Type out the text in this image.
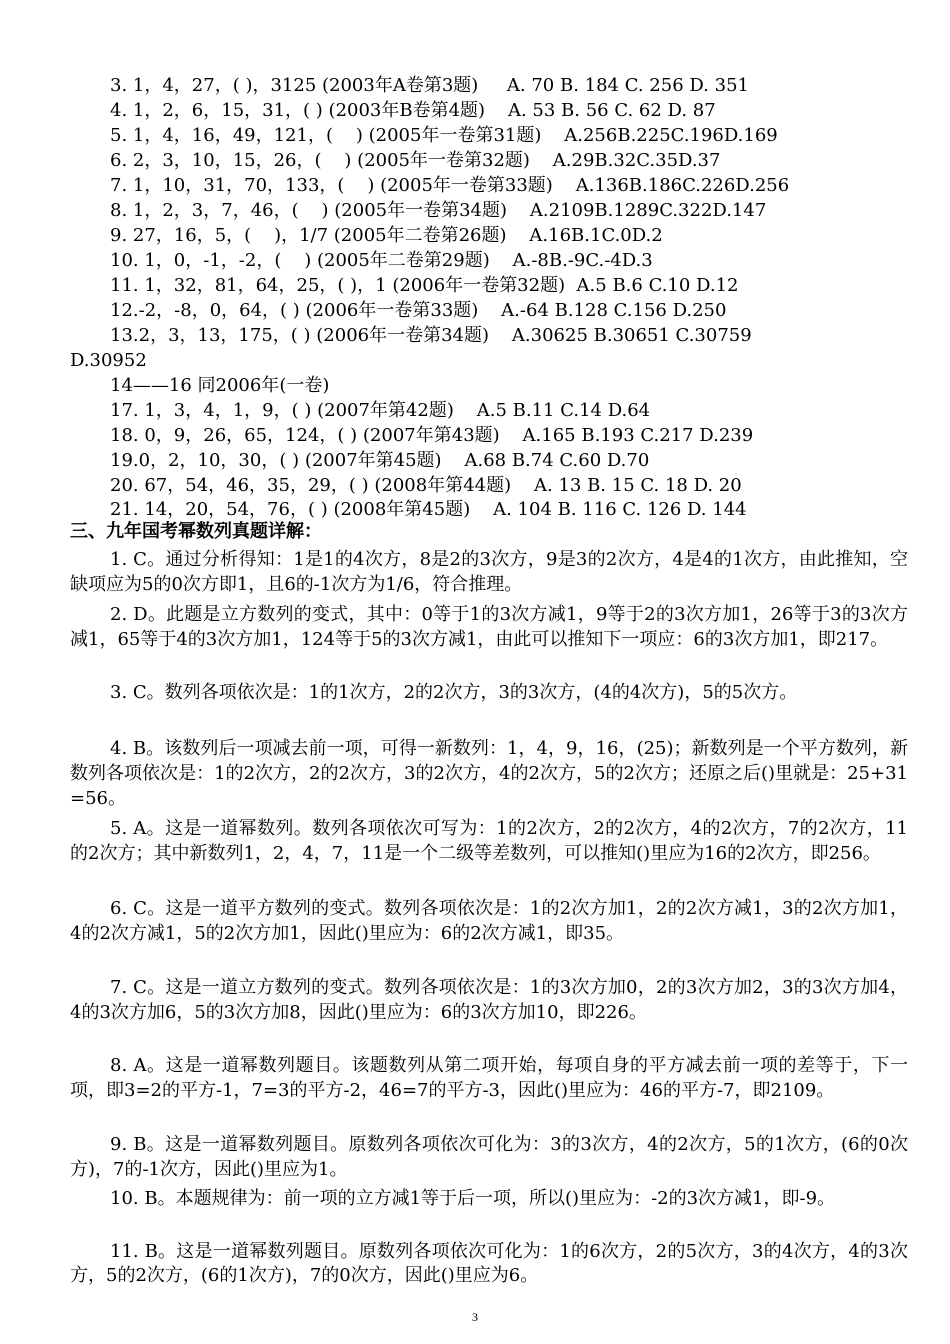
3. 1，4，27，( )，3125 (2003年A卷第3题)     A. 70 B. 184 C. 256 D. 351
4. 1，2，6，15，31，( ) (2003年B卷第4题)    A. 53 B. 56 C. 62 D. 87
5. 1，4，16，49，121，(    ) (2005年一卷第31题)    A.256B.225C.196D.169
6. 2，3，10，15，26，(    ) (2005年一卷第32题)    A.29B.32C.35D.37
7. 1，10，31，70，133，(    ) (2005年一卷第33题)    A.136B.186C.226D.256
8. 1，2，3，7，46，(    ) (2005年一卷第34题)    A.2109B.1289C.322D.147
9. 27，16，5，(    )，1/7 (2005年二卷第26题)    A.16B.1C.0D.2
10. 1，0，-1，-2，(    ) (2005年二卷第29题)    A.-8B.-9C.-4D.3
11. 1，32，81，64，25，( )，1 (2006年一卷第32题)  A.5 B.6 C.10 D.12
12.-2，-8，0，64，( ) (2006年一卷第33题)    A.-64 B.128 C.156 D.250
13.2，3，13，175，( ) (2006年一卷第34题)    A.30625 B.30651 C.30759
D.30952
14——16 同2006年(一卷)
17. 1，3，4，1，9，( ) (2007年第42题)    A.5 B.11 C.14 D.64
18. 0，9，26，65，124，( ) (2007年第43题)    A.165 B.193 C.217 D.239
19.0，2，10，30，( ) (2007年第45题)    A.68 B.74 C.60 D.70
20. 67，54，46，35，29，( ) (2008年第44题)    A. 13 B. 15 C. 18 D. 20
21. 14，20，54，76，( ) (2008年第45题)    A. 104 B. 116 C. 126 D. 144
三、九年国考幂数列真题详解：
1. C。通过分析得知：1是1的4次方，8是2的3次方，9是3的2次方，4是4的1次方，由此推知，空缺项应为5的0次方即1，且6的-1次方为1/6，符合推理。
2. D。此题是立方数列的变式，其中：0等于1的3次方减1，9等于2的3次方加1，26等于3的3次方减1，65等于4的3次方加1，124等于5的3次方减1，由此可以推知下一项应：6的3次方加1，即217。
3. C。数列各项依次是：1的1次方，2的2次方，3的3次方，(4的4次方)，5的5次方。
4. B。该数列后一项减去前一项，可得一新数列：1，4，9，16，(25)；新数列是一个平方数列，新数列各项依次是：1的2次方，2的2次方，3的2次方，4的2次方，5的2次方；还原之后()里就是：25+31=56。
5. A。这是一道幂数列。数列各项依次可写为：1的2次方，2的2次方，4的2次方，7的2次方，11的2次方；其中新数列1，2，4，7，11是一个二级等差数列，可以推知()里应为16的2次方，即256。
6. C。这是一道平方数列的变式。数列各项依次是：1的2次方加1，2的2次方减1，3的2次方加1，4的2次方减1，5的2次方加1，因此()里应为：6的2次方减1，即35。
7. C。这是一道立方数列的变式。数列各项依次是：1的3次方加0，2的3次方加2，3的3次方加4，4的3次方加6，5的3次方加8，因此()里应为：6的3次方加10，即226。
8. A。这是一道幂数列题目。该题数列从第二项开始，每项自身的平方减去前一项的差等于，下一项，即3=2的平方-1，7=3的平方-2，46=7的平方-3，因此()里应为：46的平方-7，即2109。
9. B。这是一道幂数列题目。原数列各项依次可化为：3的3次方，4的2次方，5的1次方，(6的0次方)，7的-1次方，因此()里应为1。
10. B。本题规律为：前一项的立方减1等于后一项，所以()里应为：-2的3次方减1，即-9。
11. B。这是一道幂数列题目。原数列各项依次可化为：1的6次方，2的5次方，3的4次方，4的3次方，5的2次方，(6的1次方)，7的0次方，因此()里应为6。
3
